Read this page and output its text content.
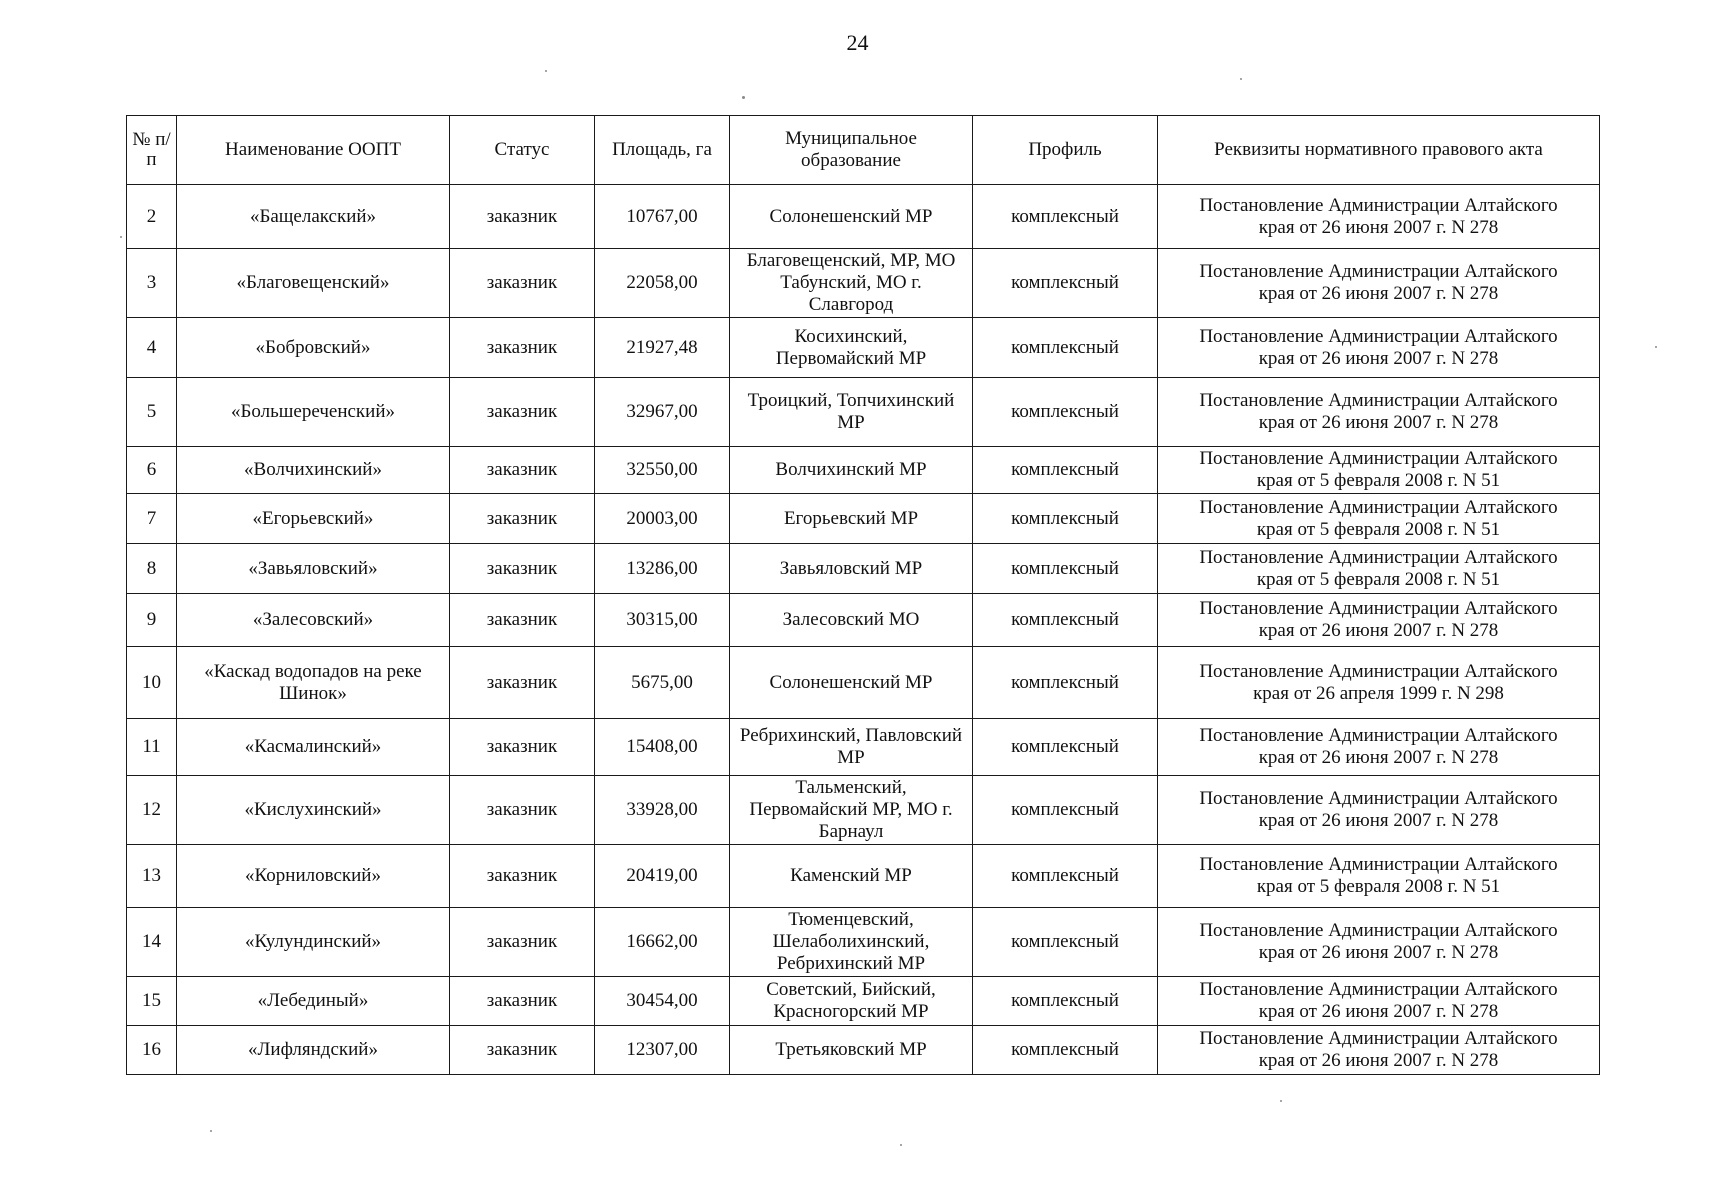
24
№ п/ п	Наименование ООПТ	Статус	Площадь, га	Муниципальное образование	Профиль	Реквизиты нормативного правового акта
2	«Бащелакский»	заказник	10767,00	Солонешенский МР	комплексный	Постановление Администрации Алтайского края от 26 июня 2007 г. N 278
3	«Благовещенский»	заказник	22058,00	Благовещенский, МР, МО Табунский, МО г. Славгород	комплексный	Постановление Администрации Алтайского края от 26 июня 2007 г. N 278
4	«Бобровский»	заказник	21927,48	Косихинский, Первомайский МР	комплексный	Постановление Администрации Алтайского края от 26 июня 2007 г. N 278
5	«Большереченский»	заказник	32967,00	Троицкий, Топчихинский МР	комплексный	Постановление Администрации Алтайского края от 26 июня 2007 г. N 278
6	«Волчихинский»	заказник	32550,00	Волчихинский МР	комплексный	Постановление Администрации Алтайского края от 5 февраля 2008 г. N 51
7	«Егорьевский»	заказник	20003,00	Егорьевский МР	комплексный	Постановление Администрации Алтайского края от 5 февраля 2008 г. N 51
8	«Завьяловский»	заказник	13286,00	Завьяловский МР	комплексный	Постановление Администрации Алтайского края от 5 февраля 2008 г. N 51
9	«Залесовский»	заказник	30315,00	Залесовский МО	комплексный	Постановление Администрации Алтайского края от 26 июня 2007 г. N 278
10	«Каскад водопадов на реке Шинок»	заказник	5675,00	Солонешенский МР	комплексный	Постановление Администрации Алтайского края от 26 апреля 1999 г. N 298
11	«Касмалинский»	заказник	15408,00	Ребрихинский, Павловский МР	комплексный	Постановление Администрации Алтайского края от 26 июня 2007 г. N 278
12	«Кислухинский»	заказник	33928,00	Тальменский, Первомайский МР, МО г. Барнаул	комплексный	Постановление Администрации Алтайского края от 26 июня 2007 г. N 278
13	«Корниловский»	заказник	20419,00	Каменский МР	комплексный	Постановление Администрации Алтайского края от 5 февраля 2008 г. N 51
14	«Кулундинский»	заказник	16662,00	Тюменцевский, Шелаболихинский, Ребрихинский МР	комплексный	Постановление Администрации Алтайского края от 26 июня 2007 г. N 278
15	«Лебединый»	заказник	30454,00	Советский, Бийский, Красногорский МР	комплексный	Постановление Администрации Алтайского края от 26 июня 2007 г. N 278
16	«Лифляндский»	заказник	12307,00	Третьяковский МР	комплексный	Постановление Администрации Алтайского края от 26 июня 2007 г. N 278
